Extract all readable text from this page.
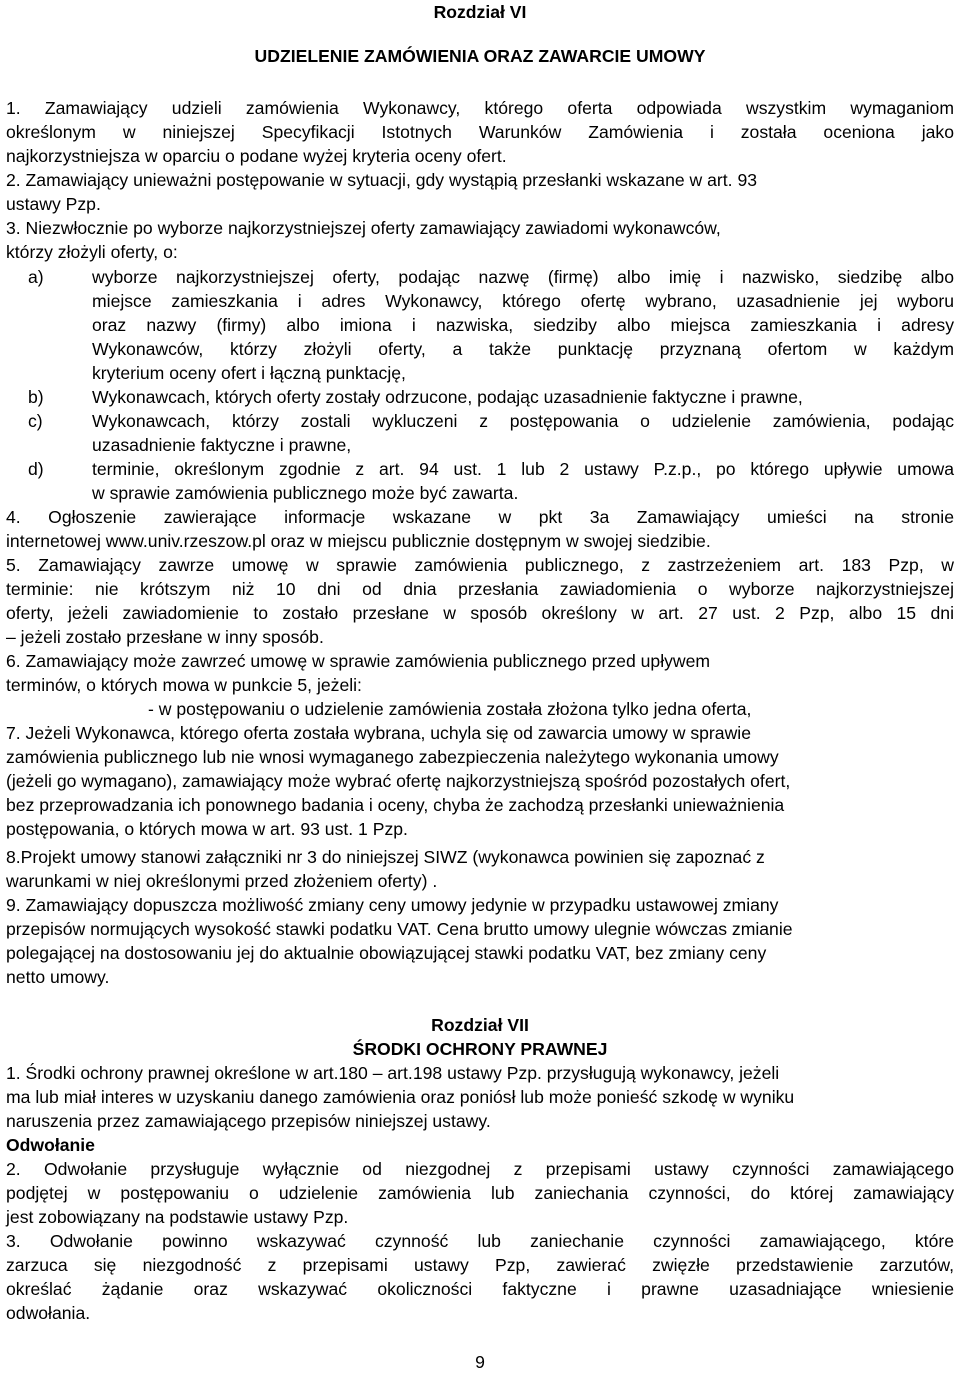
Rozdział VI
UDZIELENIE ZAMÓWIENIA ORAZ ZAWARCIE UMOWY
1. Zamawiający udzieli zamówienia Wykonawcy, którego oferta odpowiada wszystkim wymaganiom
określonym w niniejszej Specyfikacji Istotnych Warunków Zamówienia i została oceniona jako
najkorzystniejsza w oparciu o podane wyżej kryteria oceny ofert.
2. Zamawiający unieważni postępowanie w sytuacji, gdy wystąpią przesłanki wskazane w art. 93
ustawy Pzp.
3. Niezwłocznie po wyborze najkorzystniejszej oferty zamawiający zawiadomi wykonawców,
którzy złożyli oferty, o:
a)	wyborze najkorzystniejszej oferty, podając nazwę (firmę) albo imię i nazwisko, siedzibę albo
miejsce zamieszkania i adres Wykonawcy, którego ofertę wybrano, uzasadnienie jej wyboru
oraz nazwy (firmy) albo imiona i nazwiska, siedziby albo miejsca zamieszkania i adresy
Wykonawców, którzy złożyli oferty, a także punktację przyznaną ofertom w każdym
kryterium oceny ofert i łączną punktację,
b)	Wykonawcach, których oferty zostały odrzucone, podając uzasadnienie faktyczne i prawne,
c)	Wykonawcach, którzy zostali wykluczeni z postępowania o udzielenie zamówienia, podając
uzasadnienie faktyczne i prawne,
d)	terminie, określonym zgodnie z art. 94 ust. 1 lub 2 ustawy P.z.p., po którego upływie umowa
w sprawie zamówienia publicznego może być zawarta.
4. Ogłoszenie zawierające informacje wskazane w pkt 3a Zamawiający umieści na stronie
internetowej www.univ.rzeszow.pl oraz w miejscu publicznie dostępnym w swojej siedzibie.
5. Zamawiający zawrze umowę w sprawie zamówienia publicznego, z zastrzeżeniem art. 183 Pzp, w
terminie: nie krótszym niż 10 dni od dnia przesłania zawiadomienia o wyborze najkorzystniejszej
oferty, jeżeli zawiadomienie to zostało przesłane w sposób określony w art. 27 ust. 2 Pzp, albo 15 dni
– jeżeli zostało przesłane w inny sposób.
6. Zamawiający może zawrzeć umowę w sprawie zamówienia publicznego przed upływem
terminów, o których mowa w punkcie 5, jeżeli:
- w postępowaniu o udzielenie zamówienia została złożona tylko jedna oferta,
7. Jeżeli Wykonawca, którego oferta została wybrana, uchyla się od zawarcia umowy w sprawie
zamówienia publicznego lub nie wnosi wymaganego zabezpieczenia należytego wykonania umowy
(jeżeli go wymagano), zamawiający może wybrać ofertę najkorzystniejszą spośród pozostałych ofert,
bez przeprowadzania ich ponownego badania i oceny, chyba że zachodzą przesłanki unieważnienia
postępowania, o których mowa w art. 93 ust. 1 Pzp.
8.Projekt umowy stanowi załączniki nr 3 do niniejszej SIWZ (wykonawca powinien się zapoznać z
warunkami w niej określonymi przed złożeniem oferty) .
9. Zamawiający dopuszcza możliwość zmiany ceny umowy jedynie w przypadku ustawowej zmiany
przepisów normujących wysokość stawki podatku VAT. Cena brutto umowy ulegnie wówczas zmianie
polegającej na dostosowaniu jej do aktualnie obowiązującej stawki podatku VAT, bez zmiany ceny
netto umowy.
Rozdział VII
ŚRODKI OCHRONY PRAWNEJ
1. Środki ochrony prawnej określone w art.180 – art.198 ustawy Pzp. przysługują wykonawcy, jeżeli
ma lub miał interes w uzyskaniu danego zamówienia oraz poniósł lub może ponieść szkodę w wyniku
naruszenia przez zamawiającego przepisów niniejszej ustawy.
Odwołanie
2. Odwołanie przysługuje wyłącznie od niezgodnej z przepisami ustawy czynności zamawiającego
podjętej w postępowaniu o udzielenie zamówienia lub zaniechania czynności, do której zamawiający
jest zobowiązany na podstawie ustawy Pzp.
3. Odwołanie powinno wskazywać czynność lub zaniechanie czynności zamawiającego, które
zarzuca się niezgodność z przepisami ustawy Pzp, zawierać zwięzłe przedstawienie zarzutów,
określać żądanie oraz wskazywać okoliczności faktyczne i prawne uzasadniające wniesienie
odwołania.
9
